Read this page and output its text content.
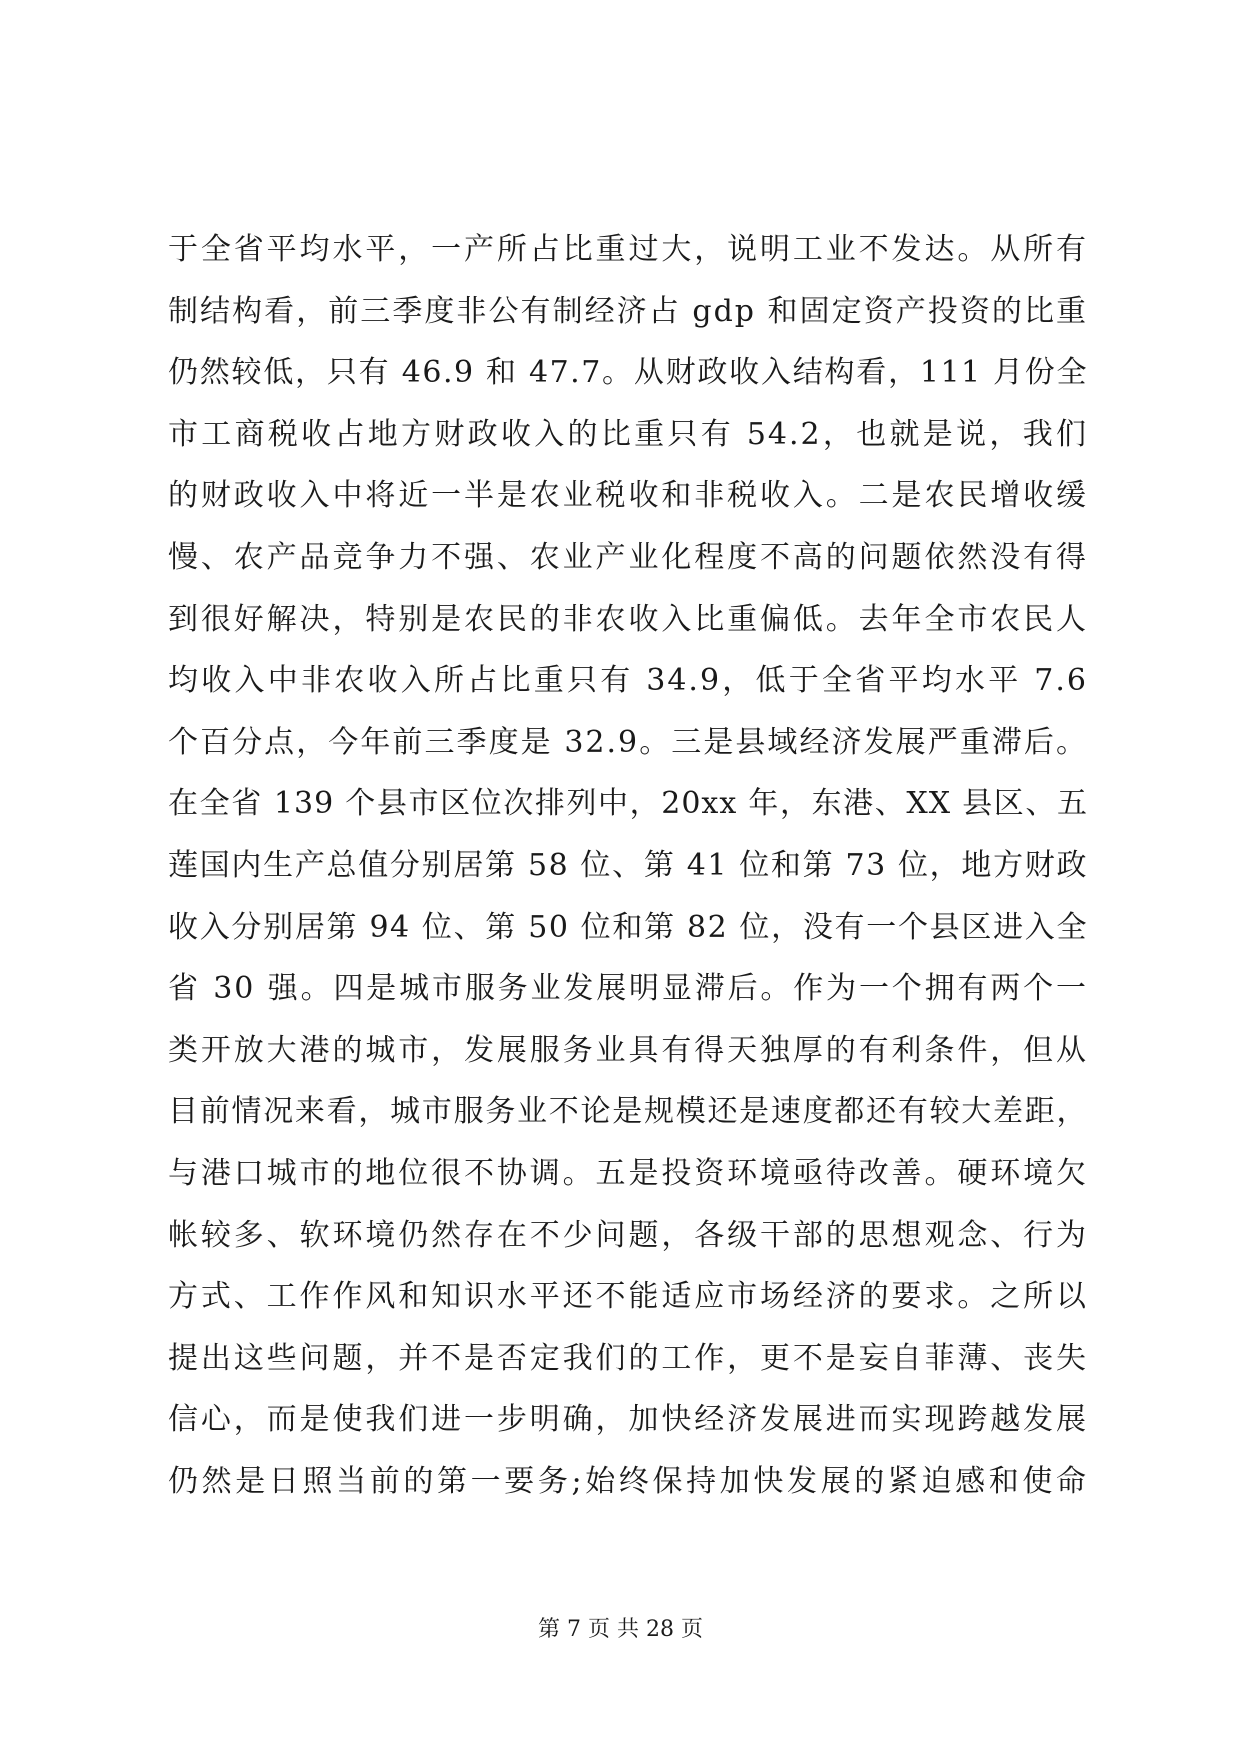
于全省平均水平，一产所占比重过大，说明工业不发达。从所有
制结构看，前三季度非公有制经济占 gdp 和固定资产投资的比重
仍然较低，只有 46.9 和 47.7。从财政收入结构看，111 月份全
市工商税收占地方财政收入的比重只有 54.2，也就是说，我们
的财政收入中将近一半是农业税收和非税收入。二是农民增收缓
慢、农产品竞争力不强、农业产业化程度不高的问题依然没有得
到很好解决，特别是农民的非农收入比重偏低。去年全市农民人
均收入中非农收入所占比重只有 34.9，低于全省平均水平 7.6
个百分点，今年前三季度是 32.9。三是县域经济发展严重滞后。
在全省 139 个县市区位次排列中，20xx 年，东港、XX 县区、五
莲国内生产总值分别居第 58 位、第 41 位和第 73 位，地方财政
收入分别居第 94 位、第 50 位和第 82 位，没有一个县区进入全
省 30 强。四是城市服务业发展明显滞后。作为一个拥有两个一
类开放大港的城市，发展服务业具有得天独厚的有利条件，但从
目前情况来看，城市服务业不论是规模还是速度都还有较大差距，
与港口城市的地位很不协调。五是投资环境亟待改善。硬环境欠
帐较多、软环境仍然存在不少问题，各级干部的思想观念、行为
方式、工作作风和知识水平还不能适应市场经济的要求。之所以
提出这些问题，并不是否定我们的工作，更不是妄自菲薄、丧失
信心，而是使我们进一步明确，加快经济发展进而实现跨越发展
仍然是日照当前的第一要务;始终保持加快发展的紧迫感和使命
第 7 页 共 28 页
